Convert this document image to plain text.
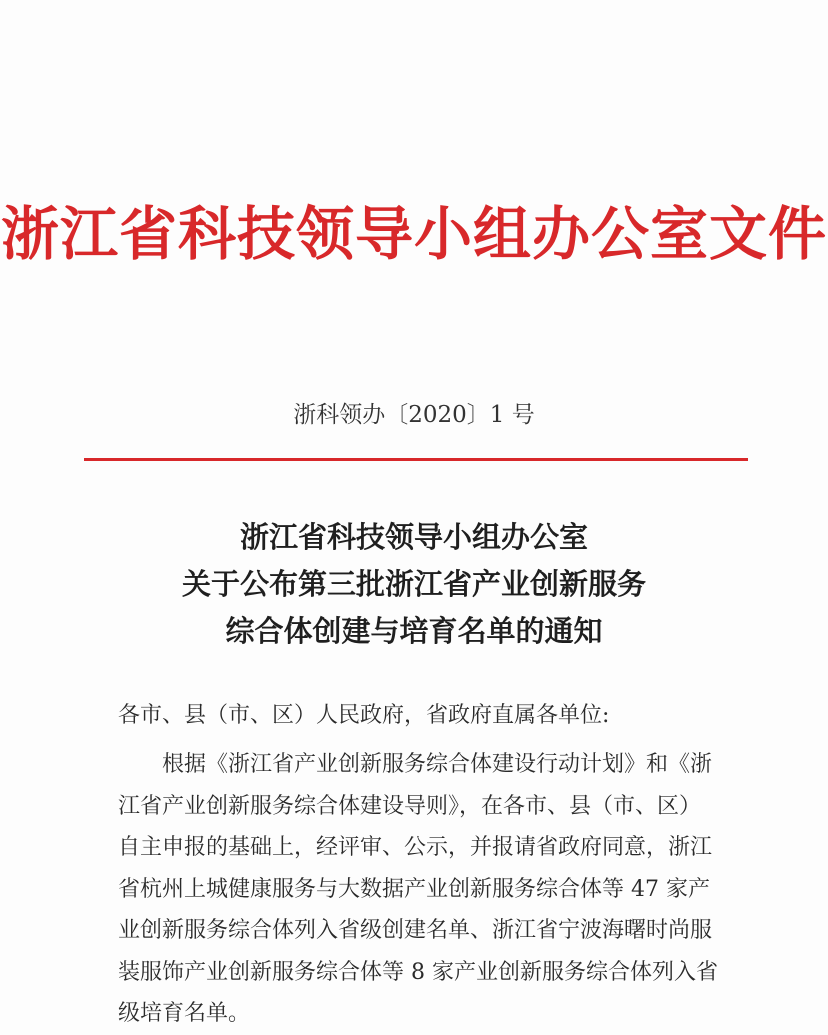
浙江省科技领导小组办公室文件
浙科领办〔2020〕1 号
浙江省科技领导小组办公室
关于公布第三批浙江省产业创新服务
综合体创建与培育名单的通知
各市、县（市、区）人民政府，省政府直属各单位:
根据《浙江省产业创新服务综合体建设行动计划》和《浙
江省产业创新服务综合体建设导则》，在各市、县（市、区）
自主申报的基础上，经评审、公示，并报请省政府同意，浙江
省杭州上城健康服务与大数据产业创新服务综合体等 47 家产
业创新服务综合体列入省级创建名单、浙江省宁波海曙时尚服
装服饰产业创新服务综合体等 8 家产业创新服务综合体列入省
级培育名单。
